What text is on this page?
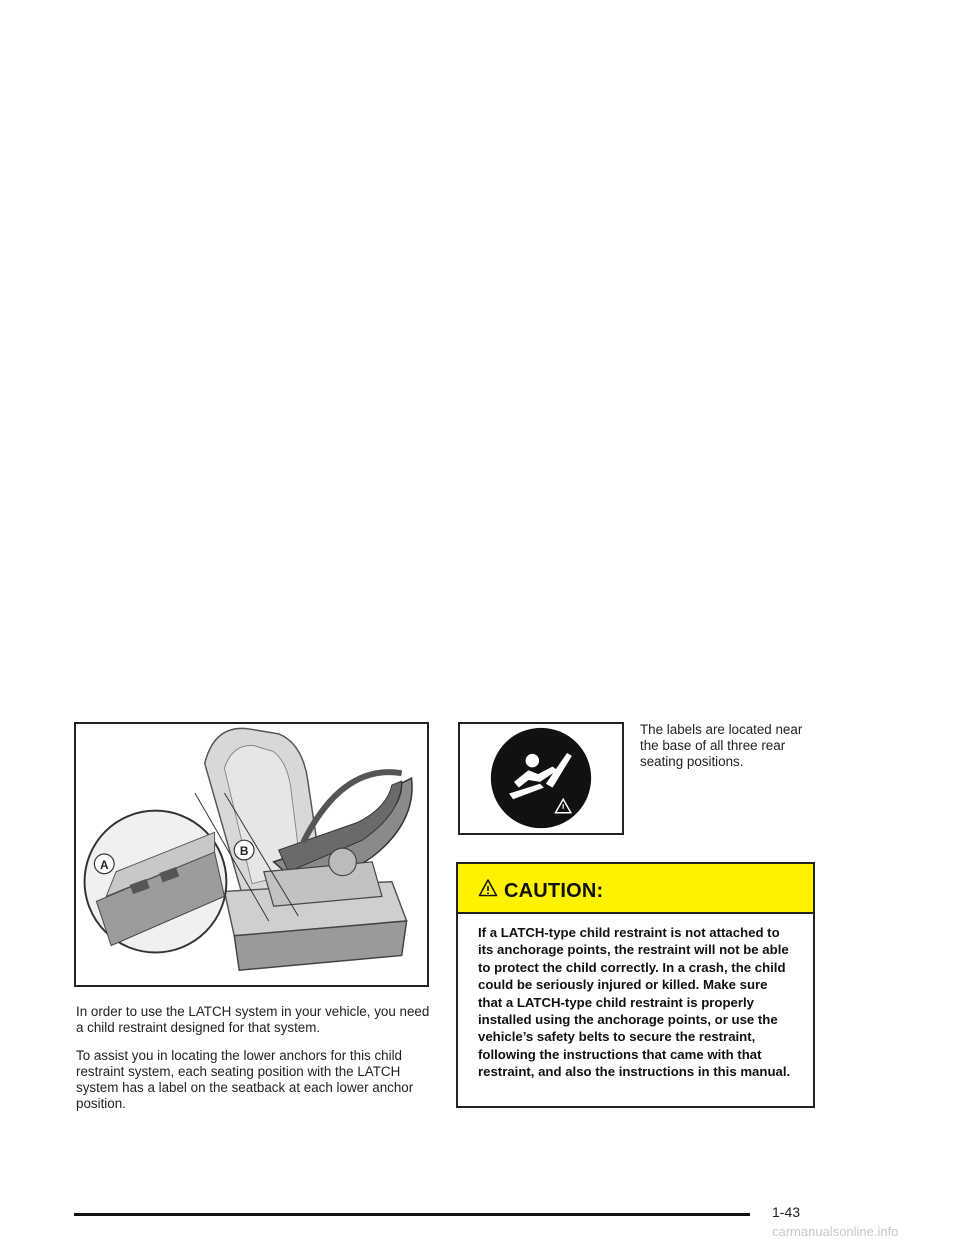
A
B

In order to use the LATCH system in your vehicle, you need a child restraint designed for that system.

To assist you in locating the lower anchors for this child restraint system, each seating position with the LATCH system has a label on the seatback at each lower anchor position.

The labels are located near the base of all three rear seating positions.

CAUTION:
If a LATCH-type child restraint is not attached to its anchorage points, the restraint will not be able to protect the child correctly. In a crash, the child could be seriously injured or killed. Make sure that a LATCH-type child restraint is properly installed using the anchorage points, or use the vehicle’s safety belts to secure the restraint, following the instructions that came with that restraint, and also the instructions in this manual.
1-43
carmanualsonline.info
